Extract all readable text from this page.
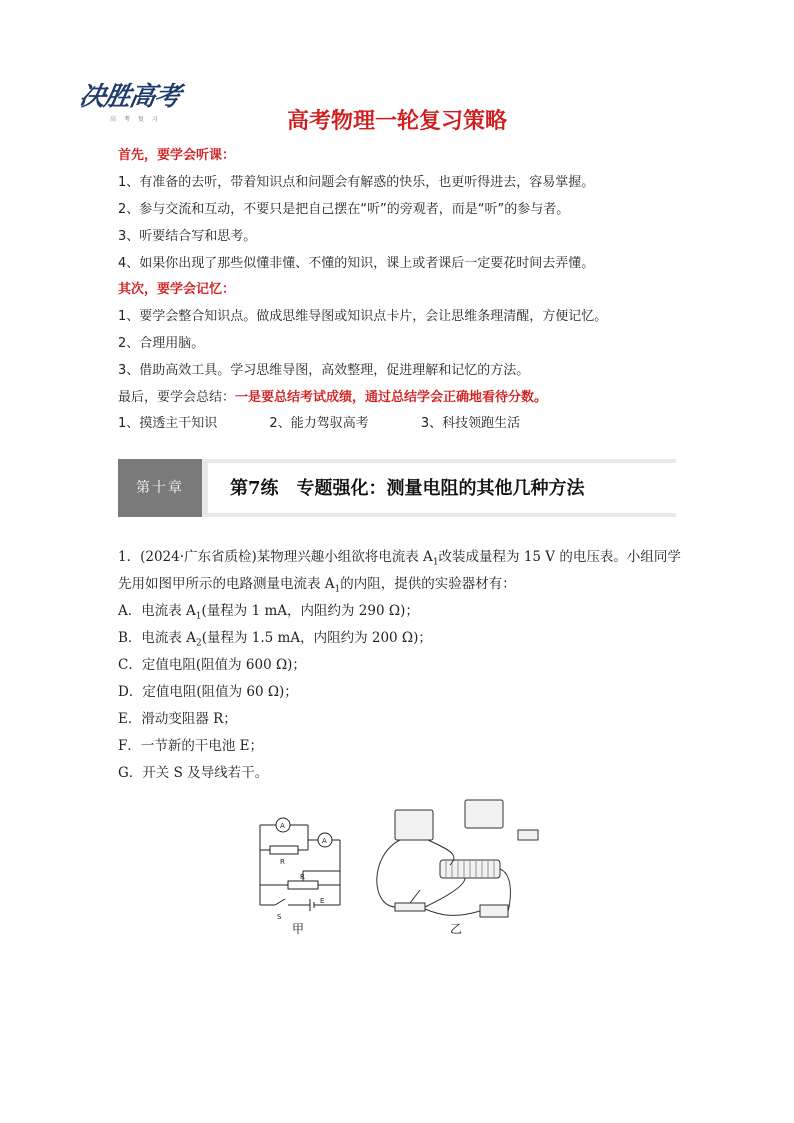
决胜高考
高 考 复 习	高考物理一轮复习策略
首先，要学会听课：
1、有准备的去听，带着知识点和问题会有解惑的快乐，也更听得进去，容易掌握。
2、参与交流和互动，不要只是把自己摆在“听”的旁观者，而是“听”的参与者。
3、听要结合写和思考。
4、如果你出现了那些似懂非懂、不懂的知识，课上或者课后一定要花时间去弄懂。
其次，要学会记忆：
1、要学会整合知识点。做成思维导图或知识点卡片，会让思维条理清醒，方便记忆。
2、合理用脑。
3、借助高效工具。学习思维导图，高效整理，促进理解和记忆的方法。
最后，要学会总结：一是要总结考试成绩，通过总结学会正确地看待分数。
1、摸透主干知识	2、能力驾驭高考	3、科技领跑生活
第十章	第7练　专题强化：测量电阻的其他几种方法
1．(2024·广东省质检)某物理兴趣小组欲将电流表 $A_1$改装成量程为 15 V 的电压表。小组同学
先用如图甲所示的电路测量电流表 $A_1$的内阻，提供的实验器材有：
A．电流表 $A_1$(量程为 1 mA，内阻约为 290 Ω)；
B．电流表 $A_2$(量程为 1.5 mA，内阻约为 200 Ω)；
C．定值电阻(阻值为 600 Ω)；
D．定值电阻(阻值为 60 Ω)；
E．滑动变阻器 R；
F．一节新的干电池 E；
G．开关 S 及导线若干。
A
A
R
R
S
E
甲	乙
